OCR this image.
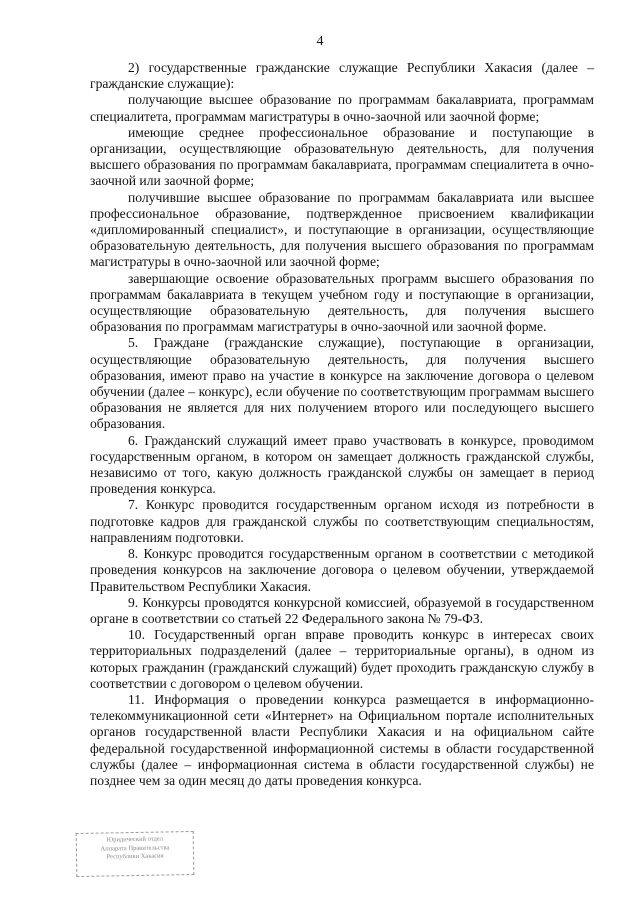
4

2) государственные гражданские служащие Республики Хакасия (далее – гражданские служащие):

получающие высшее образование по программам бакалавриата, программам специалитета, программам магистратуры в очно-заочной или заочной форме;

имеющие среднее профессиональное образование и поступающие в организации, осуществляющие образовательную деятельность, для получения высшего образования по программам бакалавриата, программам специалитета в очно-заочной или заочной форме;

получившие высшее образование по программам бакалавриата или высшее профессиональное образование, подтвержденное присвоением квалификации «дипломированный специалист», и поступающие в организации, осуществляющие образовательную деятельность, для получения высшего образования по программам магистратуры в очно-заочной или заочной форме;

завершающие освоение образовательных программ высшего образования по программам бакалавриата в текущем учебном году и поступающие в организации, осуществляющие образовательную деятельность, для получения высшего образования по программам магистратуры в очно-заочной или заочной форме.

5. Граждане (гражданские служащие), поступающие в организации, осуществляющие образовательную деятельность, для получения высшего образования, имеют право на участие в конкурсе на заключение договора о целевом обучении (далее – конкурс), если обучение по соответствующим программам высшего образования не является для них получением второго или последующего высшего образования.

6. Гражданский служащий имеет право участвовать в конкурсе, проводимом государственным органом, в котором он замещает должность гражданской службы, независимо от того, какую должность гражданской службы он замещает в период проведения конкурса.

7. Конкурс проводится государственным органом исходя из потребности в подготовке кадров для гражданской службы по соответствующим специальностям, направлениям подготовки.

8. Конкурс проводится государственным органом в соответствии с методикой проведения конкурсов на заключение договора о целевом обучении, утверждаемой Правительством Республики Хакасия.

9. Конкурсы проводятся конкурсной комиссией, образуемой в государственном органе в соответствии со статьей 22 Федерального закона № 79-ФЗ.

10. Государственный орган вправе проводить конкурс в интересах своих территориальных подразделений (далее – территориальные органы), в одном из которых гражданин (гражданский служащий) будет проходить гражданскую службу в соответствии с договором о целевом обучении.

11. Информация о проведении конкурса размещается в информационно-телекоммуникационной сети «Интернет» на Официальном портале исполнительных органов государственной власти Республики Хакасия и на официальном сайте федеральной государственной информационной системы в области государственной службы (далее – информационная система в области государственной службы) не позднее чем за один месяц до даты проведения конкурса.

Юридический отдел
Аппарата Правительства
Республики Хакасия
